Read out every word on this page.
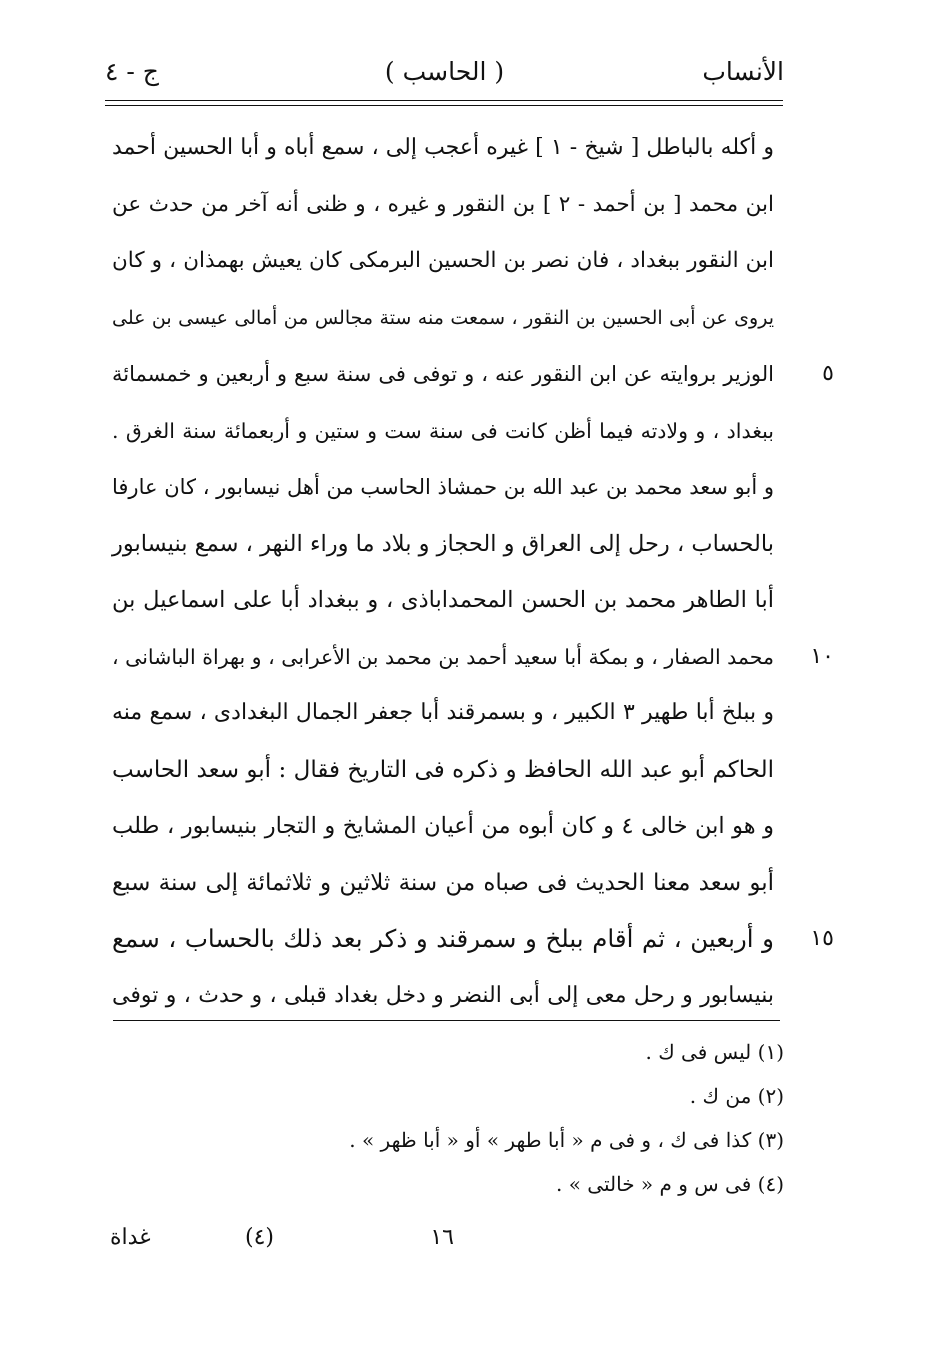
الأنساب
( الحاسب )
ج - ٤
و أكله بالباطل [ شيخ - ١ ] غيره أعجب إلى ، سمع أباه و أبا الحسين أحمد
ابن محمد [ بن أحمد - ٢ ] بن النقور و غيره ، و ظنى أنه آخر من حدث عن
ابن النقور ببغداد ، فان نصر بن الحسين البرمكى كان يعيش بهمذان ، و كان
يروى عن أبى الحسين بن النقور ، سمعت منه ستة مجالس من أمالى عيسى بن على
الوزير بروايته عن ابن النقور عنه ، و توفى فى سنة سبع و أربعين و خمسمائة ٥
ببغداد ، و ولادته فيما أظن كانت فى سنة ست و ستين و أربعمائة سنة الغرق .
و أبو سعد محمد بن عبد الله بن حمشاذ الحاسب من أهل نيسابور ، كان عارفا
بالحساب ، رحل إلى العراق و الحجاز و بلاد ما وراء النهر ، سمع بنيسابور
أبا الطاهر محمد بن الحسن المحمداباذى ، و ببغداد أبا على اسماعيل بن
محمد الصفار ، و بمكة أبا سعيد أحمد بن محمد بن الأعرابى ، و بهراة الباشانى ، ١٠
و ببلخ أبا طهير ٣ الكبير ، و بسمرقند أبا جعفر الجمال البغدادى ، سمع منه
الحاكم أبو عبد الله الحافظ و ذكره فى التاريخ فقال : أبو سعد الحاسب
و هو ابن خالى ٤ و كان أبوه من أعيان المشايخ و التجار بنيسابور ، طلب
أبو سعد معنا الحديث فى صباه من سنة ثلاثين و ثلاثمائة إلى سنة سبع
و أربعين ، ثم أقام ببلخ و سمرقند و ذكر بعد ذلك بالحساب ، سمع ١٥
بنيسابور و رحل معى إلى أبى النضر و دخل بغداد قبلى ، و حدث ، و توفى
(١) ليس فى ك .
(٢) من ك .
(٣) كذا فى ك ، و فى م « أبا طهر » أو « أبا ظهر » .
(٤) فى س و م « خالتى » .
١٦
(٤)
غداة
